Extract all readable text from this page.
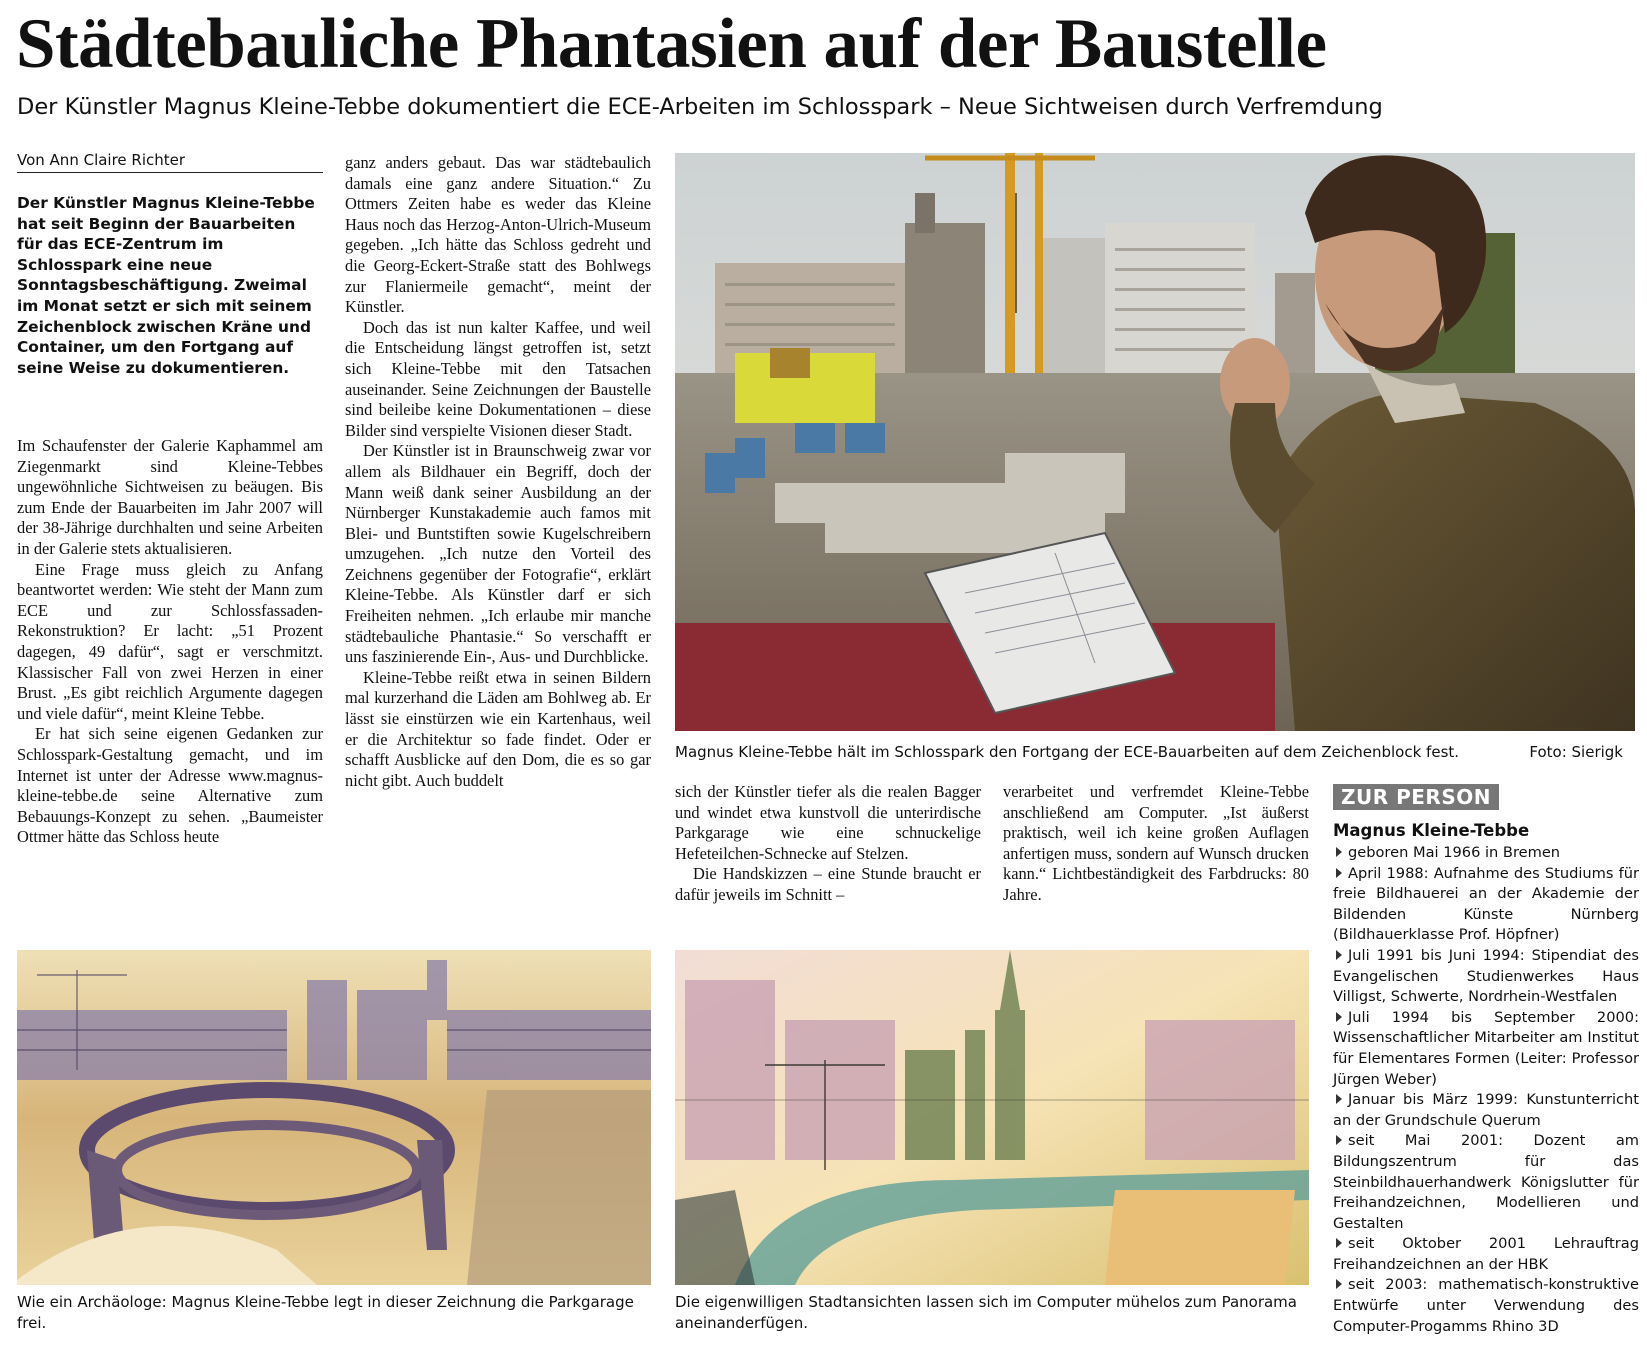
Städtebauliche Phantasien auf der Baustelle
Der Künstler Magnus Kleine-Tebbe dokumentiert die ECE-Arbeiten im Schlosspark – Neue Sichtweisen durch Verfremdung
Von Ann Claire Richter
Der Künstler Magnus Kleine-Tebbe hat seit Beginn der Bauarbeiten für das ECE-Zentrum im Schlosspark eine neue Sonntagsbeschäftigung. Zweimal im Monat setzt er sich mit seinem Zeichenblock zwischen Kräne und Container, um den Fortgang auf seine Weise zu dokumentieren.

Im Schaufenster der Galerie Kaphammel am Ziegenmarkt sind Kleine-Tebbes ungewöhnliche Sichtweisen zu beäugen. Bis zum Ende der Bauarbeiten im Jahr 2007 will der 38-Jährige durchhalten und seine Arbeiten in der Galerie stets aktualisieren.

Eine Frage muss gleich zu Anfang beantwortet werden: Wie steht der Mann zum ECE und zur Schlossfassaden-Rekonstruktion? Er lacht: „51 Prozent dagegen, 49 dafür“, sagt er verschmitzt. Klassischer Fall von zwei Herzen in einer Brust. „Es gibt reichlich Argumente dagegen und viele dafür“, meint Kleine Tebbe.

Er hat sich seine eigenen Gedanken zur Schlosspark-Gestaltung gemacht, und im Internet ist unter der Adresse www.magnus-kleine-tebbe.de seine Alternative zum Bebauungs-Konzept zu sehen. „Baumeister Ottmer hätte das Schloss heute

ganz anders gebaut. Das war städtebaulich damals eine ganz andere Situation.“ Zu Ottmers Zeiten habe es weder das Kleine Haus noch das Herzog-Anton-Ulrich-Museum gegeben. „Ich hätte das Schloss gedreht und die Georg-Eckert-Straße statt des Bohlwegs zur Flaniermeile gemacht“, meint der Künstler.

Doch das ist nun kalter Kaffee, und weil die Entscheidung längst getroffen ist, setzt sich Kleine-Tebbe mit den Tatsachen auseinander. Seine Zeichnungen der Baustelle sind beileibe keine Dokumentationen – diese Bilder sind verspielte Visionen dieser Stadt.

Der Künstler ist in Braunschweig zwar vor allem als Bildhauer ein Begriff, doch der Mann weiß dank seiner Ausbildung an der Nürnberger Kunstakademie auch famos mit Blei- und Buntstiften sowie Kugelschreibern umzugehen. „Ich nutze den Vorteil des Zeichnens gegenüber der Fotografie“, erklärt Kleine-Tebbe. Als Künstler darf er sich Freiheiten nehmen. „Ich erlaube mir manche städtebauliche Phantasie.“ So verschafft er uns faszinierende Ein-, Aus- und Durchblicke.

Kleine-Tebbe reißt etwa in seinen Bildern mal kurzerhand die Läden am Bohlweg ab. Er lässt sie einstürzen wie ein Kartenhaus, weil er die Architektur so fade findet. Oder er schafft Ausblicke auf den Dom, die es so gar nicht gibt. Auch buddelt

Magnus Kleine-Tebbe hält im Schlosspark den Fortgang der ECE-Bauarbeiten auf dem Zeichenblock fest.	Foto: Sierigk

sich der Künstler tiefer als die realen Bagger und windet etwa kunstvoll die unterirdische Parkgarage wie eine schnuckelige Hefeteilchen-Schnecke auf Stelzen.

Die Handskizzen – eine Stunde braucht er dafür jeweils im Schnitt –

verarbeitet und verfremdet Kleine-Tebbe anschließend am Computer. „Ist äußerst praktisch, weil ich keine großen Auflagen anfertigen muss, sondern auf Wunsch drucken kann.“ Lichtbeständigkeit des Farbdrucks: 80 Jahre.

Wie ein Archäologe: Magnus Kleine-Tebbe legt in dieser Zeichnung die Parkgarage frei.
Die eigenwilligen Stadtansichten lassen sich im Computer mühelos zum Panorama aneinanderfügen.
ZUR PERSON
Magnus Kleine-Tebbe
geboren Mai 1966 in Bremen
April 1988: Aufnahme des Studiums für freie Bildhauerei an der Akademie der Bildenden Künste Nürnberg (Bildhauerklasse Prof. Höpfner)
Juli 1991 bis Juni 1994: Stipendiat des Evangelischen Studienwerkes Haus Villigst, Schwerte, Nordrhein-Westfalen
Juli 1994 bis September 2000: Wissenschaftlicher Mitarbeiter am Institut für Elementares Formen (Leiter: Professor Jürgen Weber)
Januar bis März 1999: Kunstunterricht an der Grundschule Querum
seit Mai 2001: Dozent am Bildungszentrum für das Steinbildhauerhandwerk Königslutter für Freihandzeichnen, Modellieren und Gestalten
seit Oktober 2001 Lehrauftrag Freihandzeichnen an der HBK
seit 2003: mathematisch-konstruktive Entwürfe unter Verwendung des Computer-Progamms Rhino 3D
